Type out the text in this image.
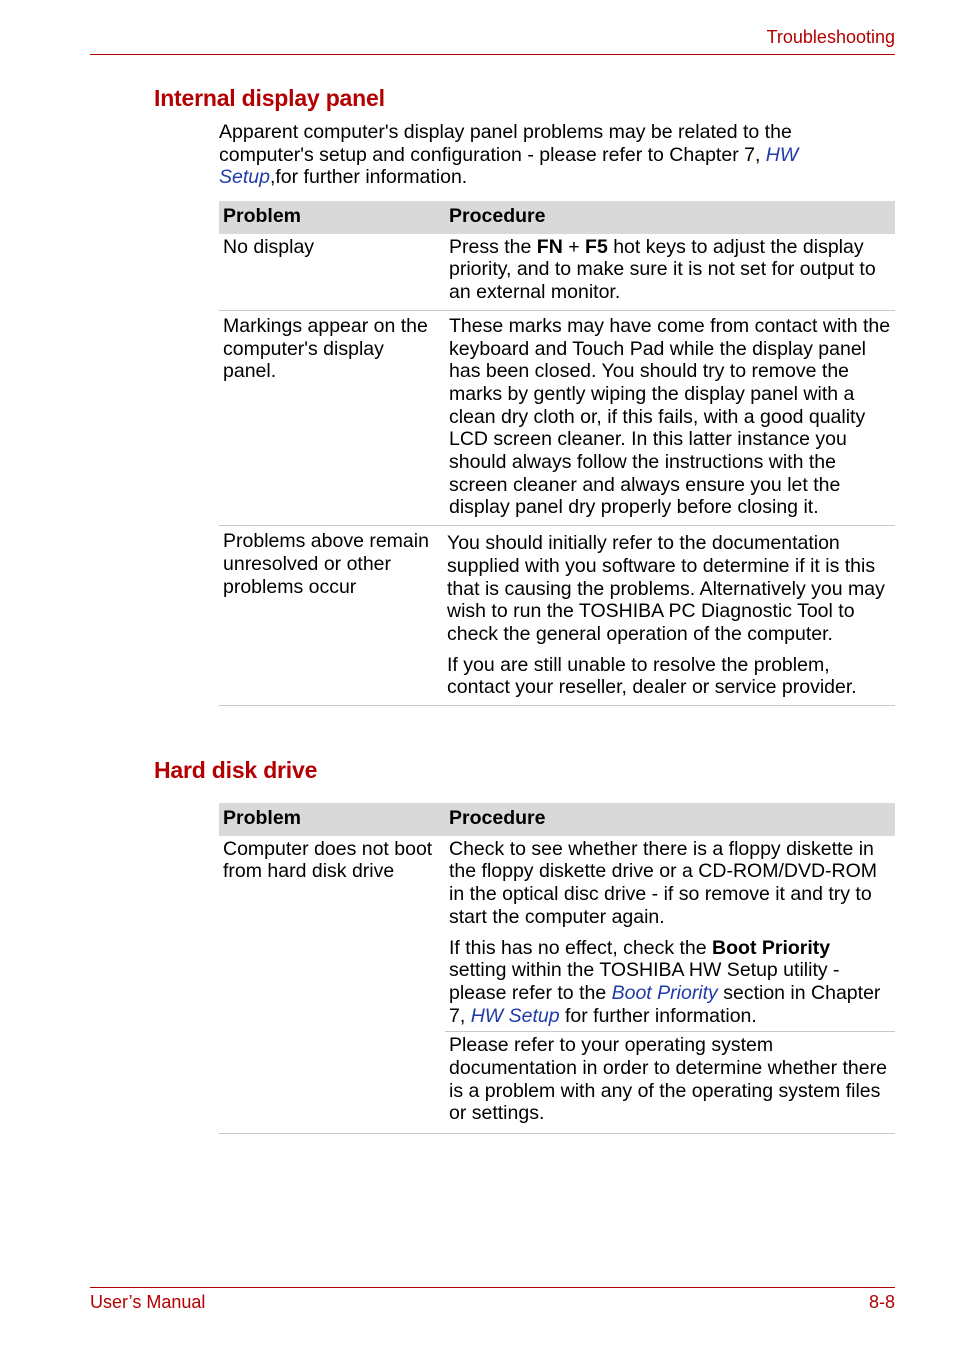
Troubleshooting
Internal display panel

Apparent computer's display panel problems may be related to the computer's setup and configuration - please refer to Chapter 7, HW Setup,for further information.

Problem	Procedure
No display	Press the FN + F5 hot keys to adjust the display priority, and to make sure it is not set for output to an external monitor.
Markings appear on the computer's display panel.	These marks may have come from contact with the keyboard and Touch Pad while the display panel has been closed. You should try to remove the marks by gently wiping the display panel with a clean dry cloth or, if this fails, with a good quality LCD screen cleaner. In this latter instance you should always follow the instructions with the screen cleaner and always ensure you let the display panel dry properly before closing it.
Problems above remain unresolved or other problems occur	You should initially refer to the documentation supplied with you software to determine if it is this that is causing the problems. Alternatively you may wish to run the TOSHIBA PC Diagnostic Tool to check the general operation of the computer.

If you are still unable to resolve the problem, contact your reseller, dealer or service provider.

Hard disk drive
Problem	Procedure
Computer does not boot from hard disk drive	Check to see whether there is a floppy diskette in the floppy diskette drive or a CD-ROM/DVD-ROM in the optical disc drive - if so remove it and try to start the computer again.

If this has no effect, check the Boot Priority setting within the TOSHIBA HW Setup utility - please refer to the Boot Priority section in Chapter 7, HW Setup for further information.

Please refer to your operating system documentation in order to determine whether there is a problem with any of the operating system files or settings.

User’s Manual	8-8
